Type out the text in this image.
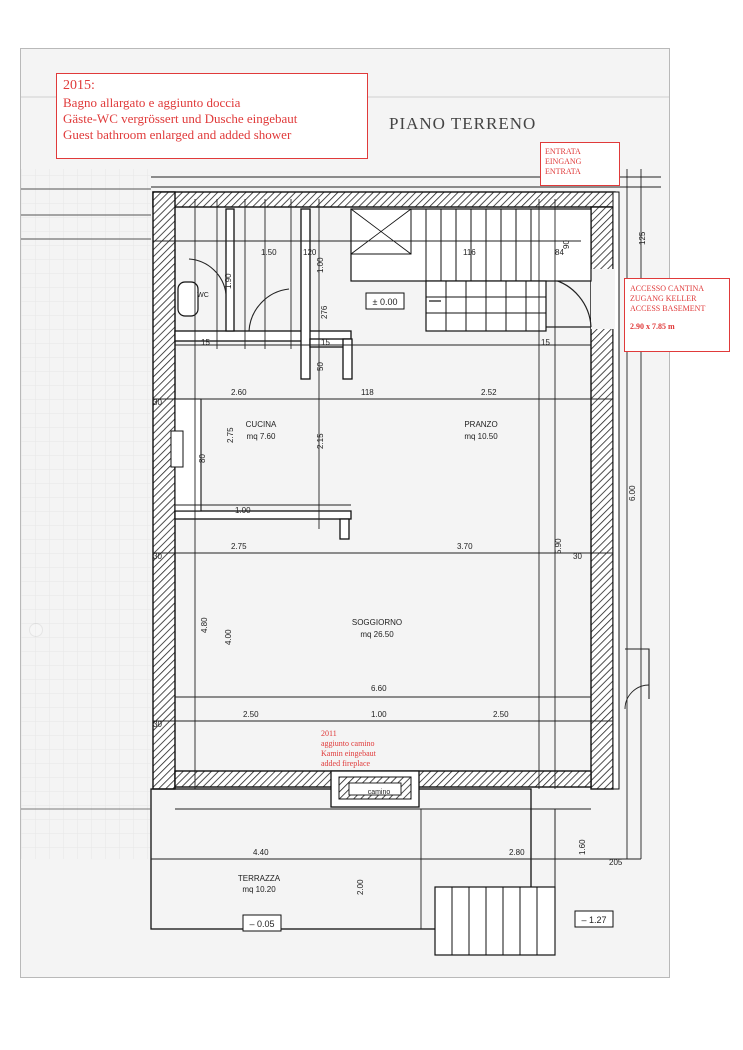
± 0.00
– 0.05	– 1.27
PIANO TERRENO
CUCINA
mq 7.60
WC
PRANZO
mq 10.50
SOGGIORNO
mq 26.50
TERRAZZA
mq 10.20
camino
2.60	118	2.52
2.75	3.70
6.60
2.50	1.00	2.50
4.40	2.80
1.50	120	84
116
205
30
30
30
30
15	15	15
1.00
5.90
6.00
4.80
4.00
1.60
2.00
2.15
2.75
1.90
1.00
276
125
90
50
80
2015:
Bagno allargato e aggiunto doccia
Gäste-WC vergrössert und Dusche eingebaut
Guest bathroom enlarged and added shower
ENTRATA
EINGANG
ENTRATA
ACCESSO CANTINA
ZUGANG KELLER
ACCESS BASEMENT
2.90 x 7.85 m
2011
aggiunto camino
Kamin eingebaut
added fireplace
